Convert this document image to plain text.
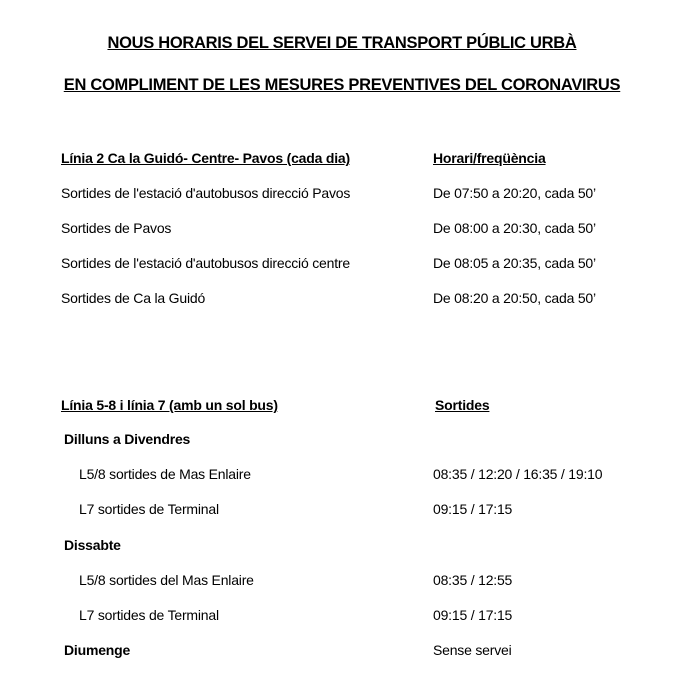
NOUS HORARIS DEL SERVEI DE TRANSPORT PÚBLIC URBÀ
EN COMPLIMENT DE LES MESURES PREVENTIVES DEL CORONAVIRUS
Línia 2 Ca la Guidó- Centre- Pavos (cada dia)	Horari/freqüència
Sortides de l'estació d'autobusos direcció Pavos	De 07:50 a 20:20, cada 50’
Sortides de Pavos	De 08:00 a 20:30, cada 50’
Sortides de l'estació d'autobusos direcció centre	De 08:05 a 20:35, cada 50’
Sortides de Ca la Guidó	De 08:20 a 20:50, cada 50’
Línia 5-8 i línia 7 (amb un sol bus)	Sortides
Dilluns a Divendres
L5/8 sortides de Mas Enlaire	08:35 / 12:20 / 16:35 / 19:10
L7 sortides de Terminal	09:15 / 17:15
Dissabte
L5/8 sortides del Mas Enlaire	08:35 / 12:55
L7 sortides de Terminal	09:15 / 17:15
Diumenge	Sense servei
